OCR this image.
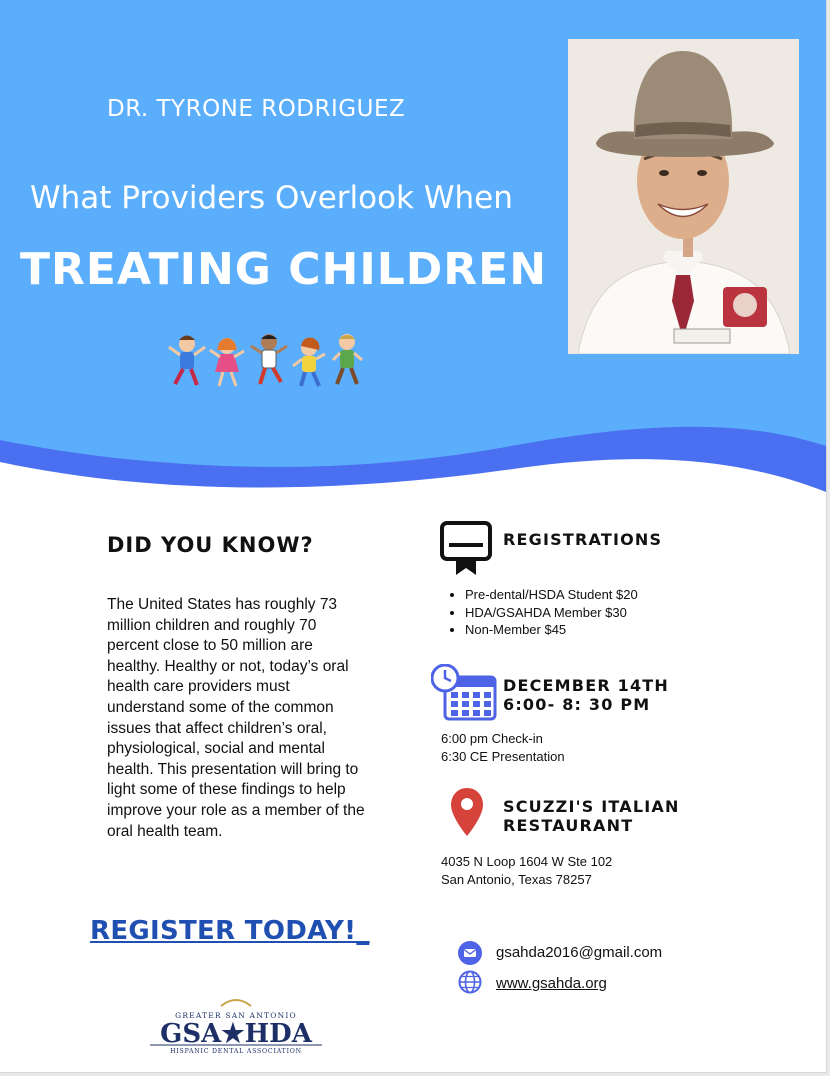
DR. TYRONE RODRIGUEZ
What Providers Overlook When
TREATING CHILDREN
DID YOU KNOW?
The United States has roughly 73 million children and roughly 70 percent close to 50 million are healthy. Healthy or not, today’s oral health care providers must understand some of the common issues that affect children’s oral, physiological, social and mental health. This presentation will bring to light some of these findings to help improve your role as a member of the oral health team.
REGISTER TODAY!_
GREATER SAN ANTONIO
GSA★HDA
HISPANIC DENTAL ASSOCIATION
REGISTRATIONS
• Pre-dental/HSDA Student $20
• HDA/GSAHDA Member $30
• Non-Member $45
DECEMBER 14TH
6:00- 8: 30 PM
6:00 pm Check-in
6:30 CE Presentation
SCUZZI'S ITALIAN
RESTAURANT
4035 N Loop 1604 W Ste 102
San Antonio, Texas 78257
gsahda2016@gmail.com
www.gsahda.org
